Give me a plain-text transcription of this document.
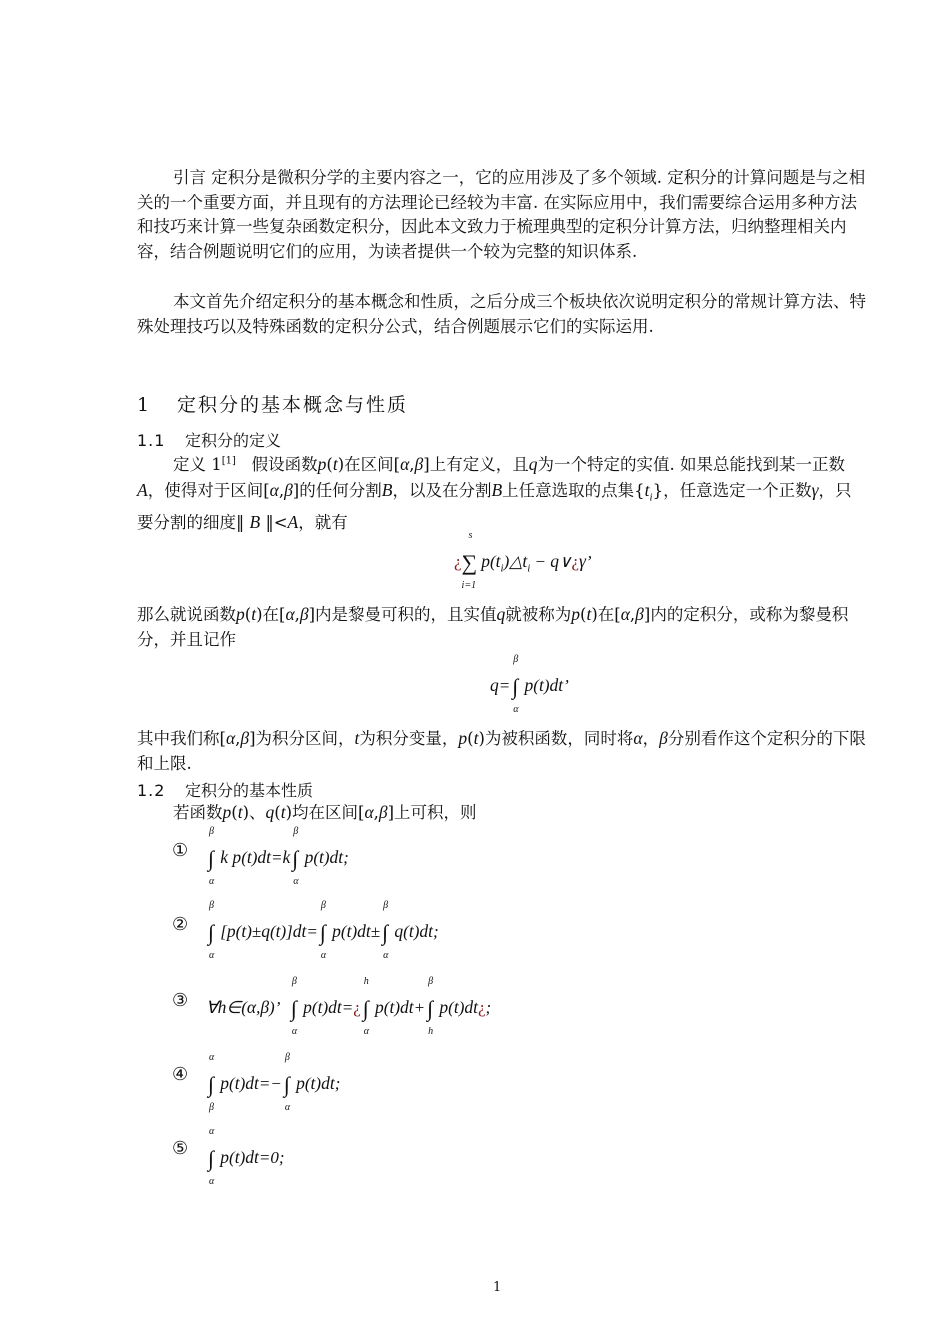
引言 定积分是微积分学的主要内容之一，它的应用涉及了多个领域. 定积分的计算问题是与之相关的一个重要方面，并且现有的方法理论已经较为丰富. 在实际应用中，我们需要综合运用多种方法和技巧来计算一些复杂函数定积分，因此本文致力于梳理典型的定积分计算方法，归纳整理相关内容，结合例题说明它们的应用，为读者提供一个较为完整的知识体系.

本文首先介绍定积分的基本概念和性质，之后分成三个板块依次说明定积分的常规计算方法、特殊处理技巧以及特殊函数的定积分公式，结合例题展示它们的实际运用.

1 定积分的基本概念与性质
1.1 定积分的定义

定义 1[1] 假设函数p(t)在区间[α,β]上有定义，且q为一个特定的实值. 如果总能找到某一正数A，使得对于区间[α,β]的任何分割B，以及在分割B上任意选取的点集$\{t_i\}$，任意选定一个正数γ，只要分割的细度‖ B ‖<A，就有

¿∑
s
i=1
$p(t_i)\triangle t_i$ − q∨¿γ’

那么就说函数p(t)在[α,β]内是黎曼可积的，且实值q就被称为p(t)在[α,β]内的定积分，或称为黎曼积分，并且记作

q=∫
β
α
p(t)dt’

其中我们称[α,β]为积分区间，t为积分变量，p(t)为被积函数，同时将α，β分别看作这个定积分的下限和上限.

1.2 定积分的基本性质

若函数p(t)、q(t)均在区间[α,β]上可积，则

① ∫
β
α
k p(t)dt=k∫
β
α
p(t)dt;
② ∫
β
α
[p(t)±q(t)]dt=∫
β
α
p(t)dt±∫
β
α
q(t)dt;
③ ∀h∈(α,β)’  ∫
β
α
p(t)dt=¿∫
h
α
p(t)dt+∫
β
h
p(t)dt¿;
④ ∫
α
β
p(t)dt=−∫
β
α
p(t)dt;
⑤ ∫
α
α
p(t)dt=0;
1
